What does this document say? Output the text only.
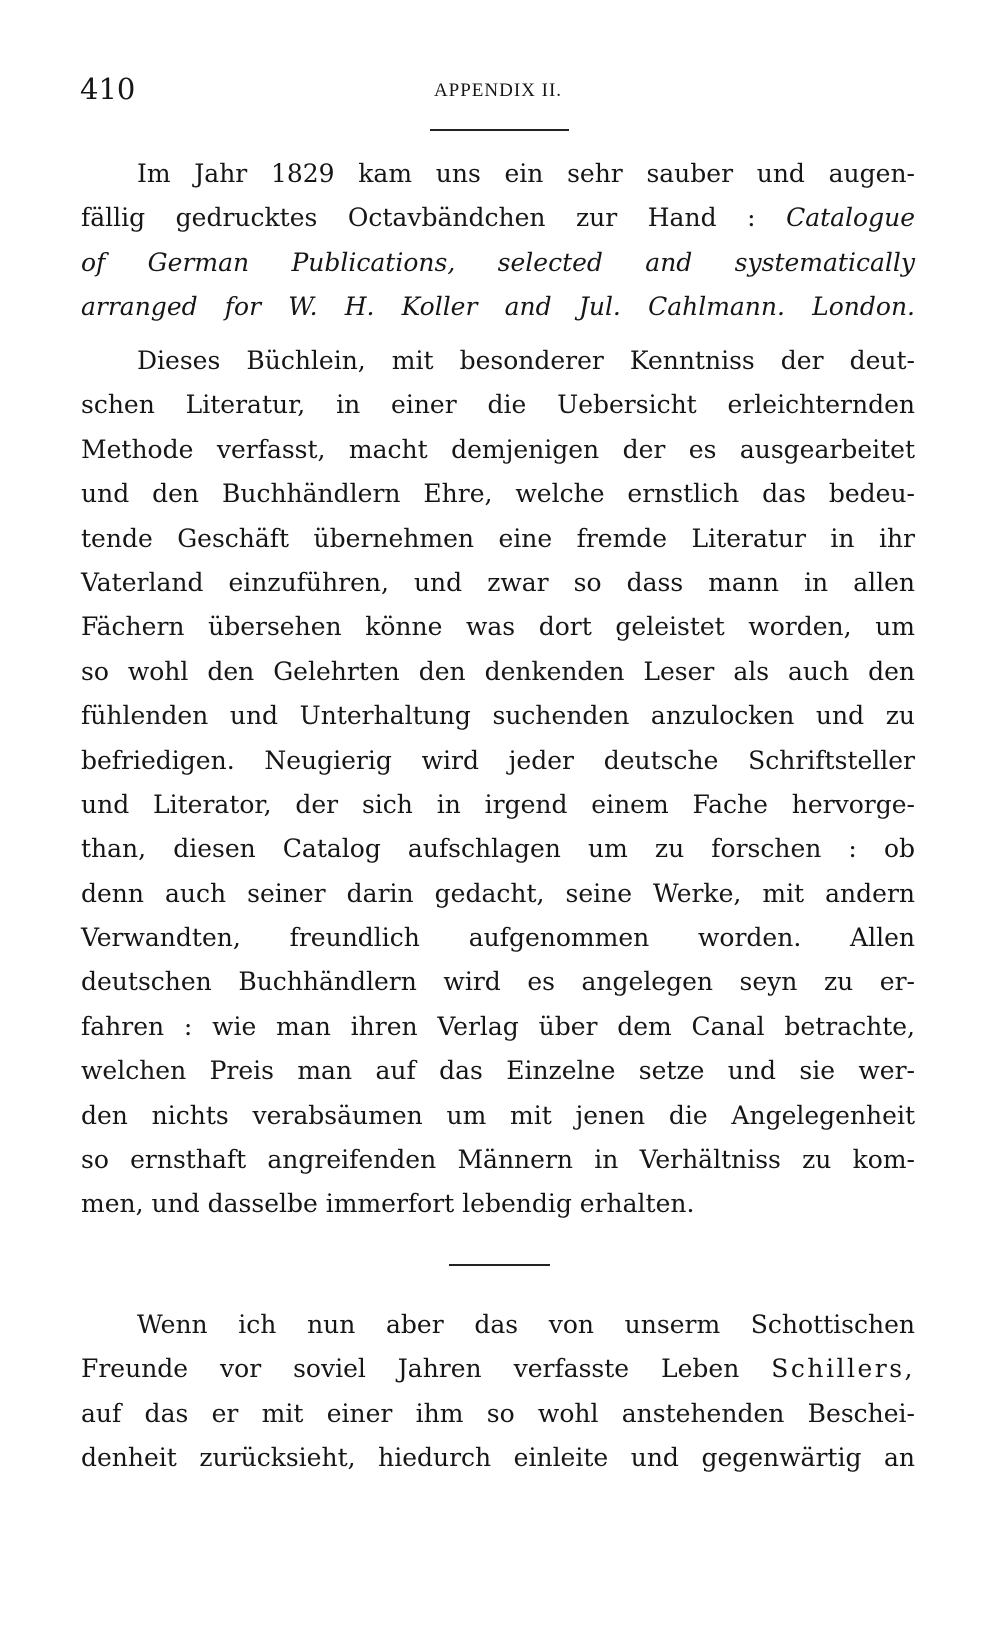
410	APPENDIX II.
Im Jahr 1829 kam uns ein sehr sauber und augen-
fällig gedrucktes Octavbändchen zur Hand : Catalogue
of German Publications, selected and systematically
arranged for W. H. Koller and Jul. Cahlmann. London.
Dieses Büchlein, mit besonderer Kenntniss der deut-
schen Literatur, in einer die Uebersicht erleichternden
Methode verfasst, macht demjenigen der es ausgearbeitet
und den Buchhändlern Ehre, welche ernstlich das bedeu-
tende Geschäft übernehmen eine fremde Literatur in ihr
Vaterland einzuführen, und zwar so dass mann in allen
Fächern übersehen könne was dort geleistet worden, um
so wohl den Gelehrten den denkenden Leser als auch den
fühlenden und Unterhaltung suchenden anzulocken und zu
befriedigen. Neugierig wird jeder deutsche Schriftsteller
und Literator, der sich in irgend einem Fache hervorge-
than, diesen Catalog aufschlagen um zu forschen : ob
denn auch seiner darin gedacht, seine Werke, mit andern
Verwandten, freundlich aufgenommen worden. Allen
deutschen Buchhändlern wird es angelegen seyn zu er-
fahren : wie man ihren Verlag über dem Canal betrachte,
welchen Preis man auf das Einzelne setze und sie wer-
den nichts verabsäumen um mit jenen die Angelegenheit
so ernsthaft angreifenden Männern in Verhältniss zu kom-
men, und dasselbe immerfort lebendig erhalten.
Wenn ich nun aber das von unserm Schottischen
Freunde vor soviel Jahren verfasste Leben Schillers,
auf das er mit einer ihm so wohl anstehenden Beschei-
denheit zurücksieht, hiedurch einleite und gegenwärtig an
